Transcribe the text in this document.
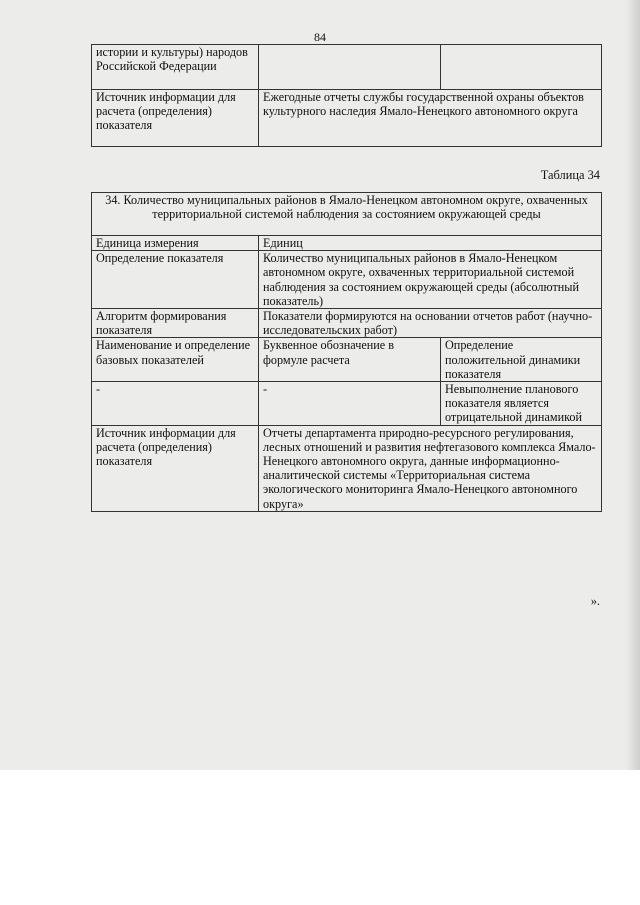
84
истории и культуры) народов Российской Федерации		
Источник информации для расчета (определения) показателя	Ежегодные отчеты службы государственной охраны объектов культурного наследия Ямало-Ненецкого автономного округа	
Таблица 34
34. Количество муниципальных районов в Ямало-Ненецком автономном округе, охваченных территориальной системой наблюдения за состоянием окружающей среды		
Единица измерения	Единиц	
Определение показателя	Количество муниципальных районов в Ямало-Ненецком автономном округе, охваченных территориальной системой наблюдения за состоянием окружающей среды (абсолютный показатель)	
Алгоритм формирования показателя	Показатели формируются на основании отчетов работ (научно-исследовательских работ)	
Наименование и определение базовых показателей	Буквенное обозначение в формуле расчета	Определение положительной динамики показателя
-	-	Невыполнение планового показателя является отрицательной динамикой
Источник информации для расчета (определения) показателя	Отчеты департамента природно-ресурсного регулирования, лесных отношений и развития нефтегазового комплекса Ямало-Ненецкого автономного округа, данные информационно-аналитической системы «Территориальная система экологического мониторинга Ямало-Ненецкого автономного округа»	
».
